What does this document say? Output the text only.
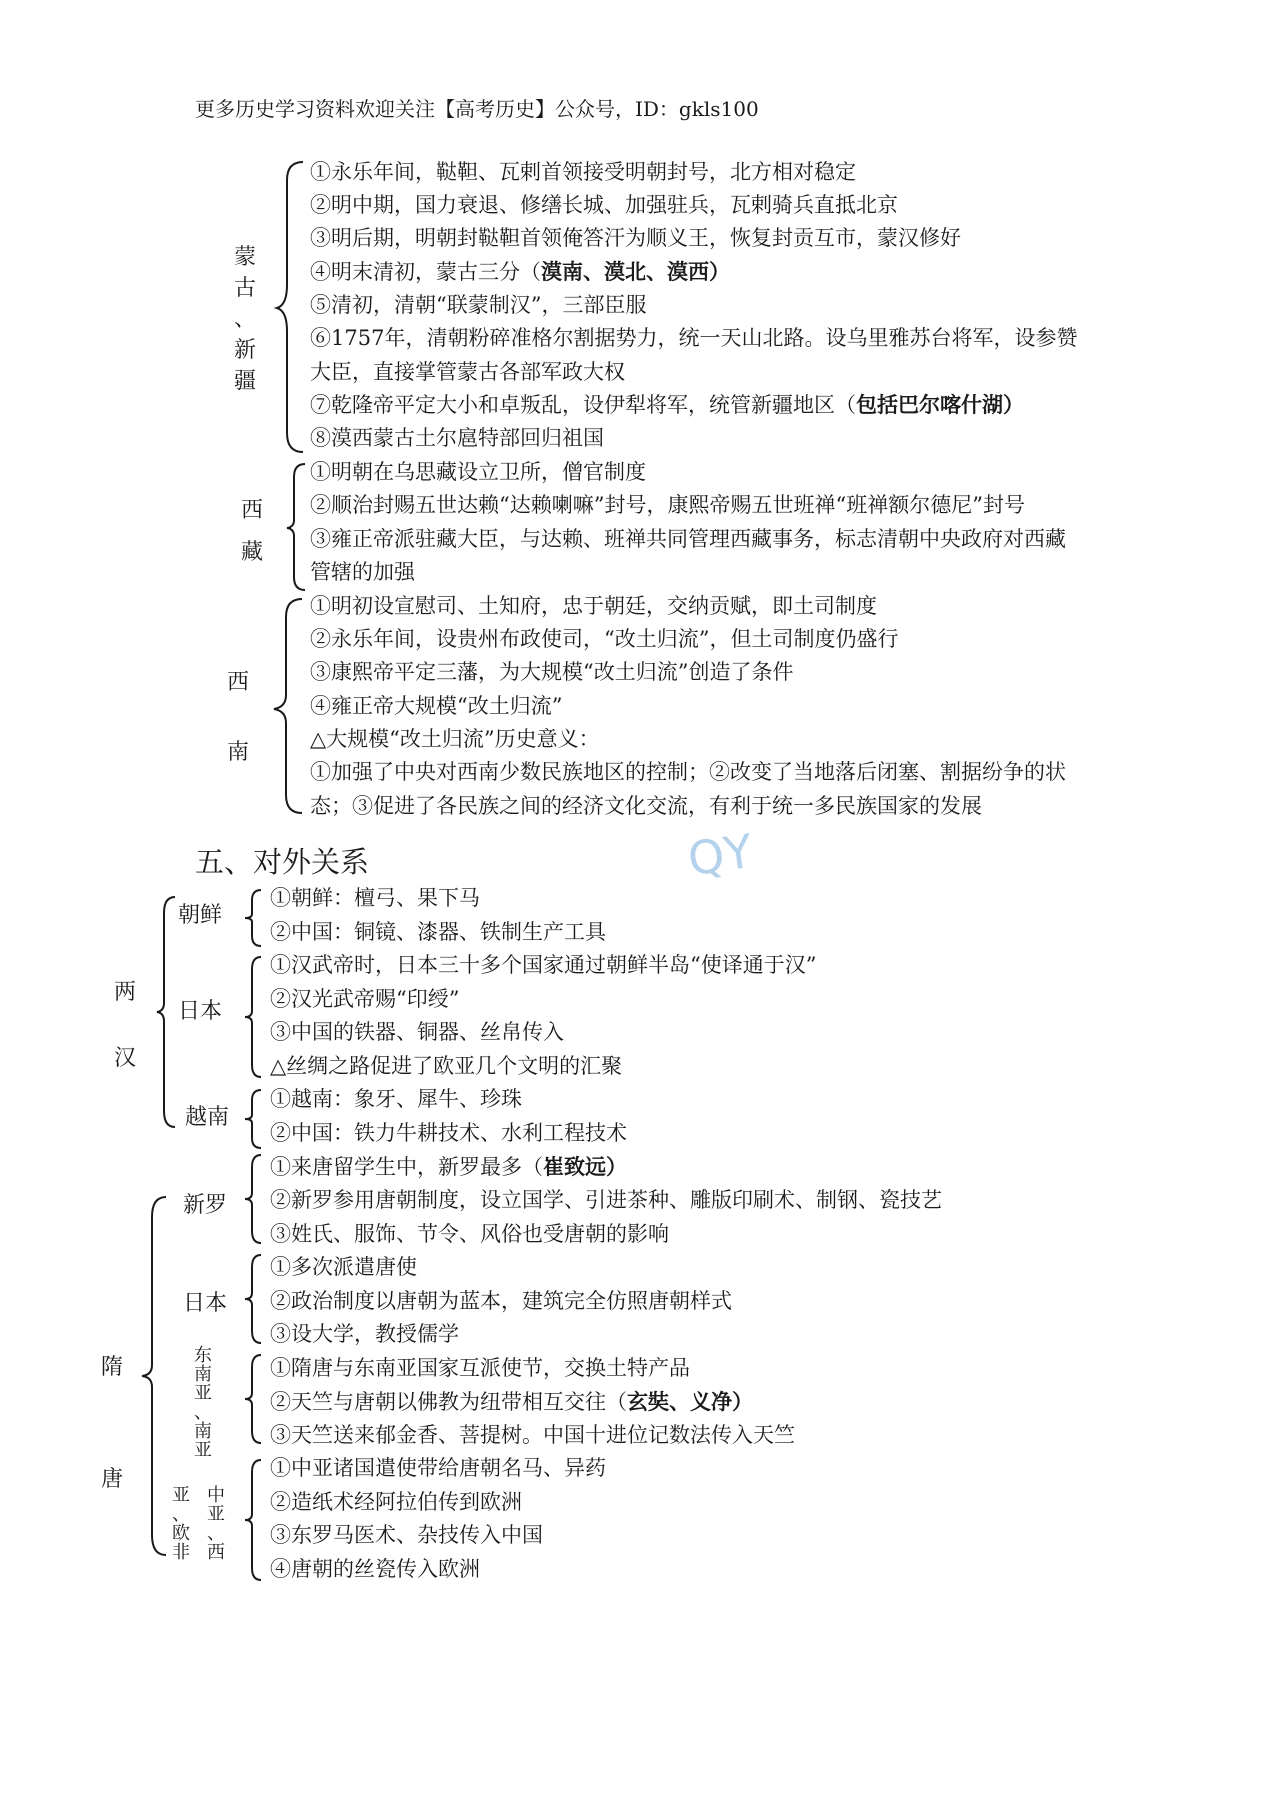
更多历史学习资料欢迎关注【高考历史】公众号，ID：gkls100
QY
蒙
古
、
新
疆
①永乐年间，鞑靼、瓦剌首领接受明朝封号，北方相对稳定
②明中期，国力衰退、修缮长城、加强驻兵，瓦剌骑兵直抵北京
③明后期，明朝封鞑靼首领俺答汗为顺义王，恢复封贡互市，蒙汉修好
④明末清初，蒙古三分（漠南、漠北、漠西）
⑤清初，清朝“联蒙制汉”，三部臣服
⑥1757年，清朝粉碎准格尔割据势力，统一天山北路。设乌里雅苏台将军，设参赞
大臣，直接掌管蒙古各部军政大权
⑦乾隆帝平定大小和卓叛乱，设伊犁将军，统管新疆地区（包括巴尔喀什湖）
⑧漠西蒙古土尔扈特部回归祖国
西
藏
①明朝在乌思藏设立卫所，僧官制度
②顺治封赐五世达赖“达赖喇嘛”封号，康熙帝赐五世班禅“班禅额尔德尼”封号
③雍正帝派驻藏大臣，与达赖、班禅共同管理西藏事务，标志清朝中央政府对西藏
管辖的加强
西
南
①明初设宣慰司、土知府，忠于朝廷，交纳贡赋，即土司制度
②永乐年间，设贵州布政使司，“改土归流”，但土司制度仍盛行
③康熙帝平定三藩，为大规模“改土归流”创造了条件
④雍正帝大规模“改土归流”
△大规模“改土归流”历史意义：
①加强了中央对西南少数民族地区的控制；②改变了当地落后闭塞、割据纷争的状
态；③促进了各民族之间的经济文化交流，有利于统一多民族国家的发展
五、对外关系
两
汉
朝鲜
①朝鲜：檀弓、果下马
②中国：铜镜、漆器、铁制生产工具
日本
①汉武帝时，日本三十多个国家通过朝鲜半岛“使译通于汉”
②汉光武帝赐“印绶”
③中国的铁器、铜器、丝帛传入
△丝绸之路促进了欧亚几个文明的汇聚
越南
①越南：象牙、犀牛、珍珠
②中国：铁力牛耕技术、水利工程技术
隋
唐
新罗
①来唐留学生中，新罗最多（崔致远）
②新罗参用唐朝制度，设立国学、引进茶种、雕版印刷术、制钢、瓷技艺
③姓氏、服饰、节令、风俗也受唐朝的影响
日本
①多次派遣唐使
②政治制度以唐朝为蓝本，建筑完全仿照唐朝样式
③设大学，教授儒学
东
南
亚
、
南
亚
①隋唐与东南亚国家互派使节，交换土特产品
②天竺与唐朝以佛教为纽带相互交往（玄奘、义净）
③天竺送来郁金香、菩提树。中国十进位记数法传入天竺
亚
、
欧
非
中
亚
、
西
①中亚诸国遣使带给唐朝名马、异药
②造纸术经阿拉伯传到欧洲
③东罗马医术、杂技传入中国
④唐朝的丝瓷传入欧洲
